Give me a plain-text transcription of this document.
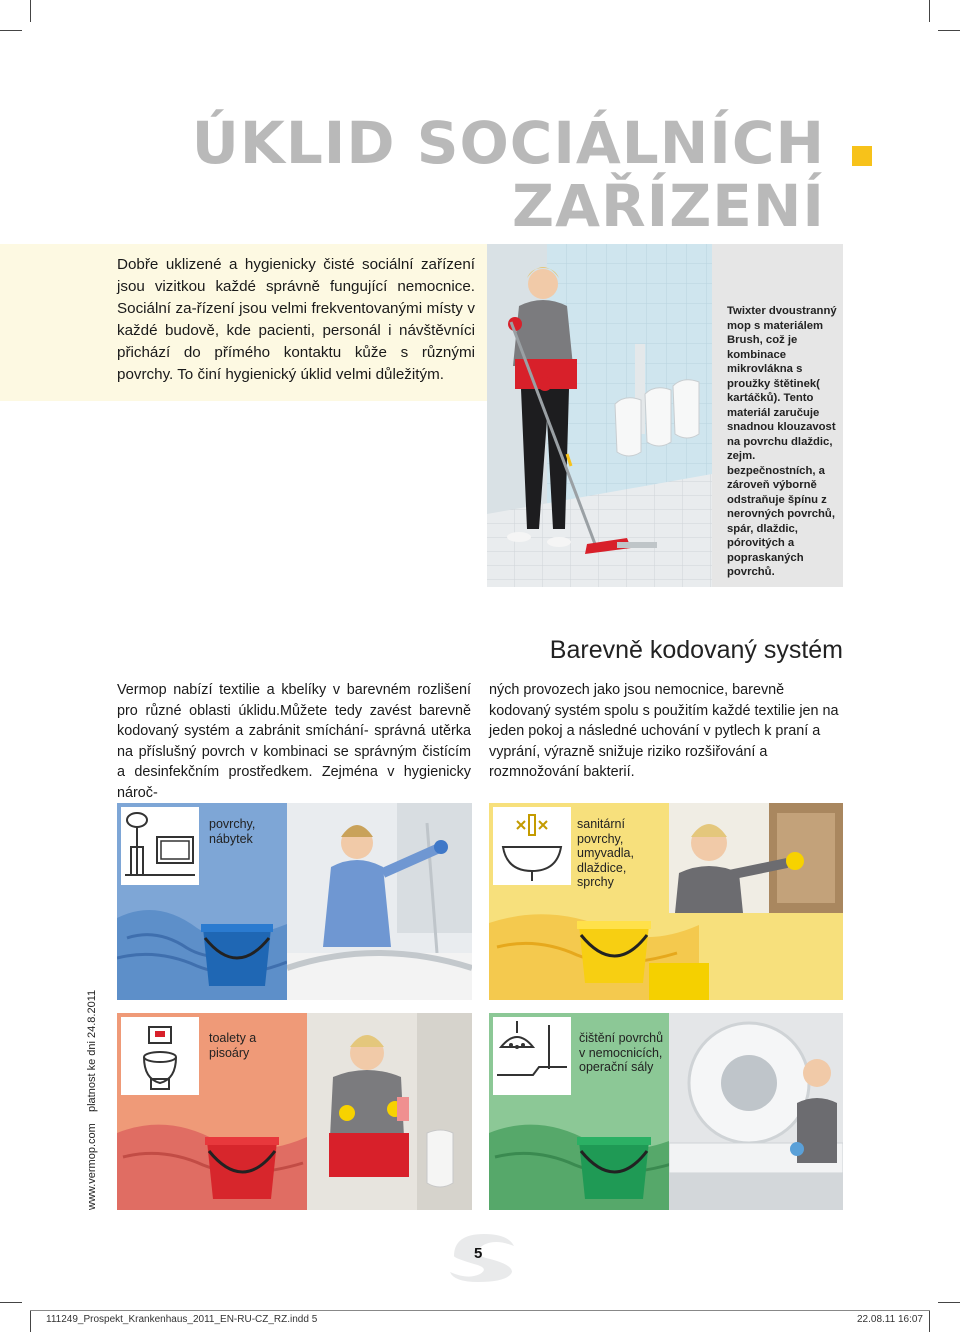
ÚKLID SOCIÁLNÍCH
ZAŘÍZENÍ
Dobře uklizené a hygienicky čisté sociální zařízení jsou vizitkou každé správně fungující nemocnice. Sociální za-řízení jsou velmi frekventovanými místy v každé budově, kde pacienti, personál i návštěvníci přichází do přímého kontaktu kůže s různými povrchy. To činí hygienický úklid velmi důležitým.
Twixter dvoustranný mop s materiálem Brush, což je kombinace mikrovlákna s proužky štětinek( kartáčků). Tento materiál zaručuje snadnou klouzavost na povrchu dlaždic, zejm. bezpečnostních, a zároveň výborně odstraňuje špínu z nerovných povrchů, spár, dlaždic, pórovitých a popraskaných povrchů.
Barevně kodovaný systém
Vermop nabízí textilie a kbelíky v barevném rozlišení pro různé oblasti úklidu.Můžete tedy zavést barevně kodovaný systém a zabránit smíchání- správná utěrka na příslušný povrch v kombinaci se správným čistícím a desinfekčním prostředkem. Zejména v hygienicky nároč-
ných provozech jako jsou nemocnice, barevně kodovaný systém spolu s použitím každé textilie jen na jeden pokoj a následné uchování v pytlech k praní a vyprání, výrazně snižuje riziko rozšiřování a rozmnožování bakterií.
povrchy,
nábytek
sanitární
povrchy,
umyvadla,
dlaždice,
sprchy
toalety a
pisoáry
čištění povrchů
v nemocnicích,
operační sály
www.vermop.com
platnost ke dni 24.8.2011
5
111249_Prospekt_Krankenhaus_2011_EN-RU-CZ_RZ.indd 5	22.08.11 16:07
